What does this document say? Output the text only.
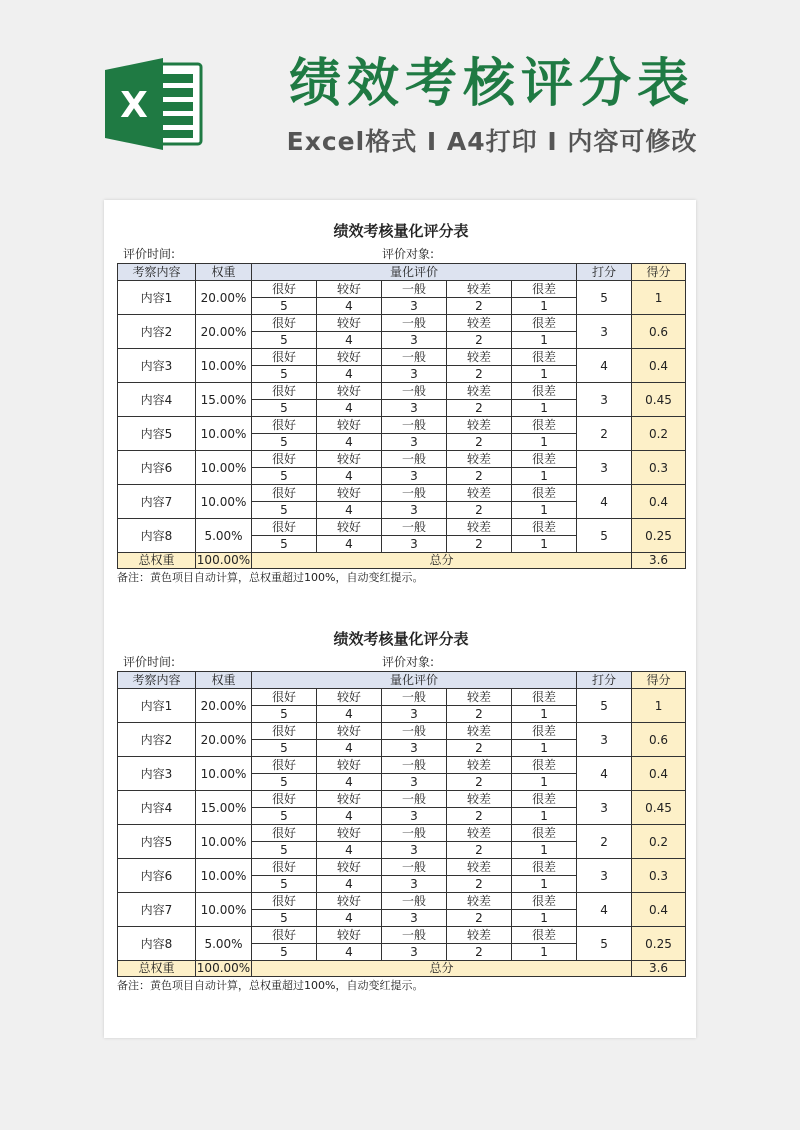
X	绩效考核评分表
Excel格式 Ⅰ A4打印 Ⅰ 内容可修改
绩效考核量化评分表
评价时间:	评价对象:
考察内容	权重	量化评价					打分	得分
内容1	20.00%	很好	较好	一般	较差	很差	5	1
		5	4	3	2	1		
内容2	20.00%	很好	较好	一般	较差	很差	3	0.6
		5	4	3	2	1		
内容3	10.00%	很好	较好	一般	较差	很差	4	0.4
		5	4	3	2	1		
内容4	15.00%	很好	较好	一般	较差	很差	3	0.45
		5	4	3	2	1		
内容5	10.00%	很好	较好	一般	较差	很差	2	0.2
		5	4	3	2	1		
内容6	10.00%	很好	较好	一般	较差	很差	3	0.3
		5	4	3	2	1		
内容7	10.00%	很好	较好	一般	较差	很差	4	0.4
		5	4	3	2	1		
内容8	5.00%	很好	较好	一般	较差	很差	5	0.25
		5	4	3	2	1		
总权重	100.00%	总分						3.6
备注：黄色项目自动计算，总权重超过100%，自动变红提示。
绩效考核量化评分表
评价时间:	评价对象:
考察内容	权重	量化评价					打分	得分
内容1	20.00%	很好	较好	一般	较差	很差	5	1
		5	4	3	2	1		
内容2	20.00%	很好	较好	一般	较差	很差	3	0.6
		5	4	3	2	1		
内容3	10.00%	很好	较好	一般	较差	很差	4	0.4
		5	4	3	2	1		
内容4	15.00%	很好	较好	一般	较差	很差	3	0.45
		5	4	3	2	1		
内容5	10.00%	很好	较好	一般	较差	很差	2	0.2
		5	4	3	2	1		
内容6	10.00%	很好	较好	一般	较差	很差	3	0.3
		5	4	3	2	1		
内容7	10.00%	很好	较好	一般	较差	很差	4	0.4
		5	4	3	2	1		
内容8	5.00%	很好	较好	一般	较差	很差	5	0.25
		5	4	3	2	1		
总权重	100.00%	总分						3.6
备注：黄色项目自动计算，总权重超过100%，自动变红提示。
